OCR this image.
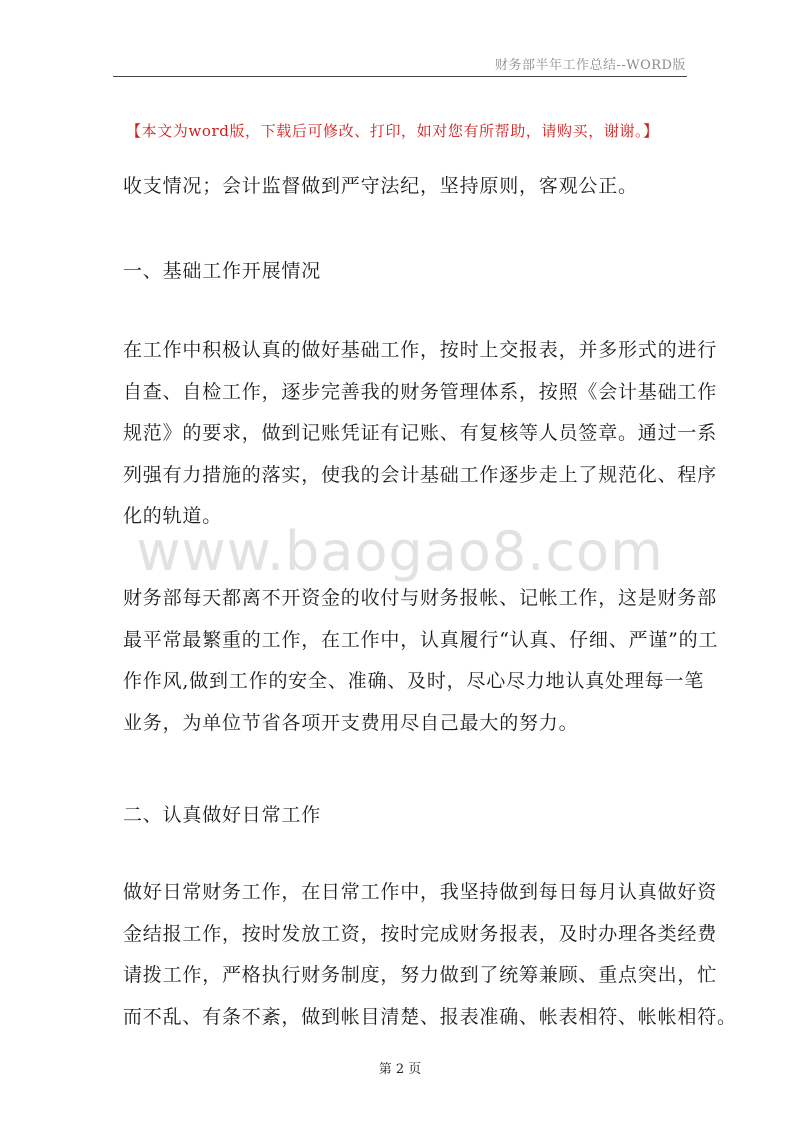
财务部半年工作总结--WORD版
【本文为word版，下载后可修改、打印，如对您有所帮助，请购买，谢谢。】

收支情况；会计监督做到严守法纪，坚持原则，客观公正。

一、基础工作开展情况

在工作中积极认真的做好基础工作，按时上交报表，并多形式的进行
自查、自检工作，逐步完善我的财务管理体系，按照《会计基础工作
规范》的要求，做到记账凭证有记账、有复核等人员签章。通过一系
列强有力措施的落实，使我的会计基础工作逐步走上了规范化、程序
化的轨道。

www.baogao8.com

财务部每天都离不开资金的收付与财务报帐、记帐工作，这是财务部
最平常最繁重的工作，在工作中，认真履行“认真、仔细、严谨”的工
作作风,做到工作的安全、准确、及时，尽心尽力地认真处理每一笔
业务，为单位节省各项开支费用尽自己最大的努力。

二、认真做好日常工作

做好日常财务工作，在日常工作中，我坚持做到每日每月认真做好资
金结报工作，按时发放工资，按时完成财务报表，及时办理各类经费
请拨工作，严格执行财务制度，努力做到了统筹兼顾、重点突出，忙
而不乱、有条不紊，做到帐目清楚、报表准确、帐表相符、帐帐相符。

第 2 页
